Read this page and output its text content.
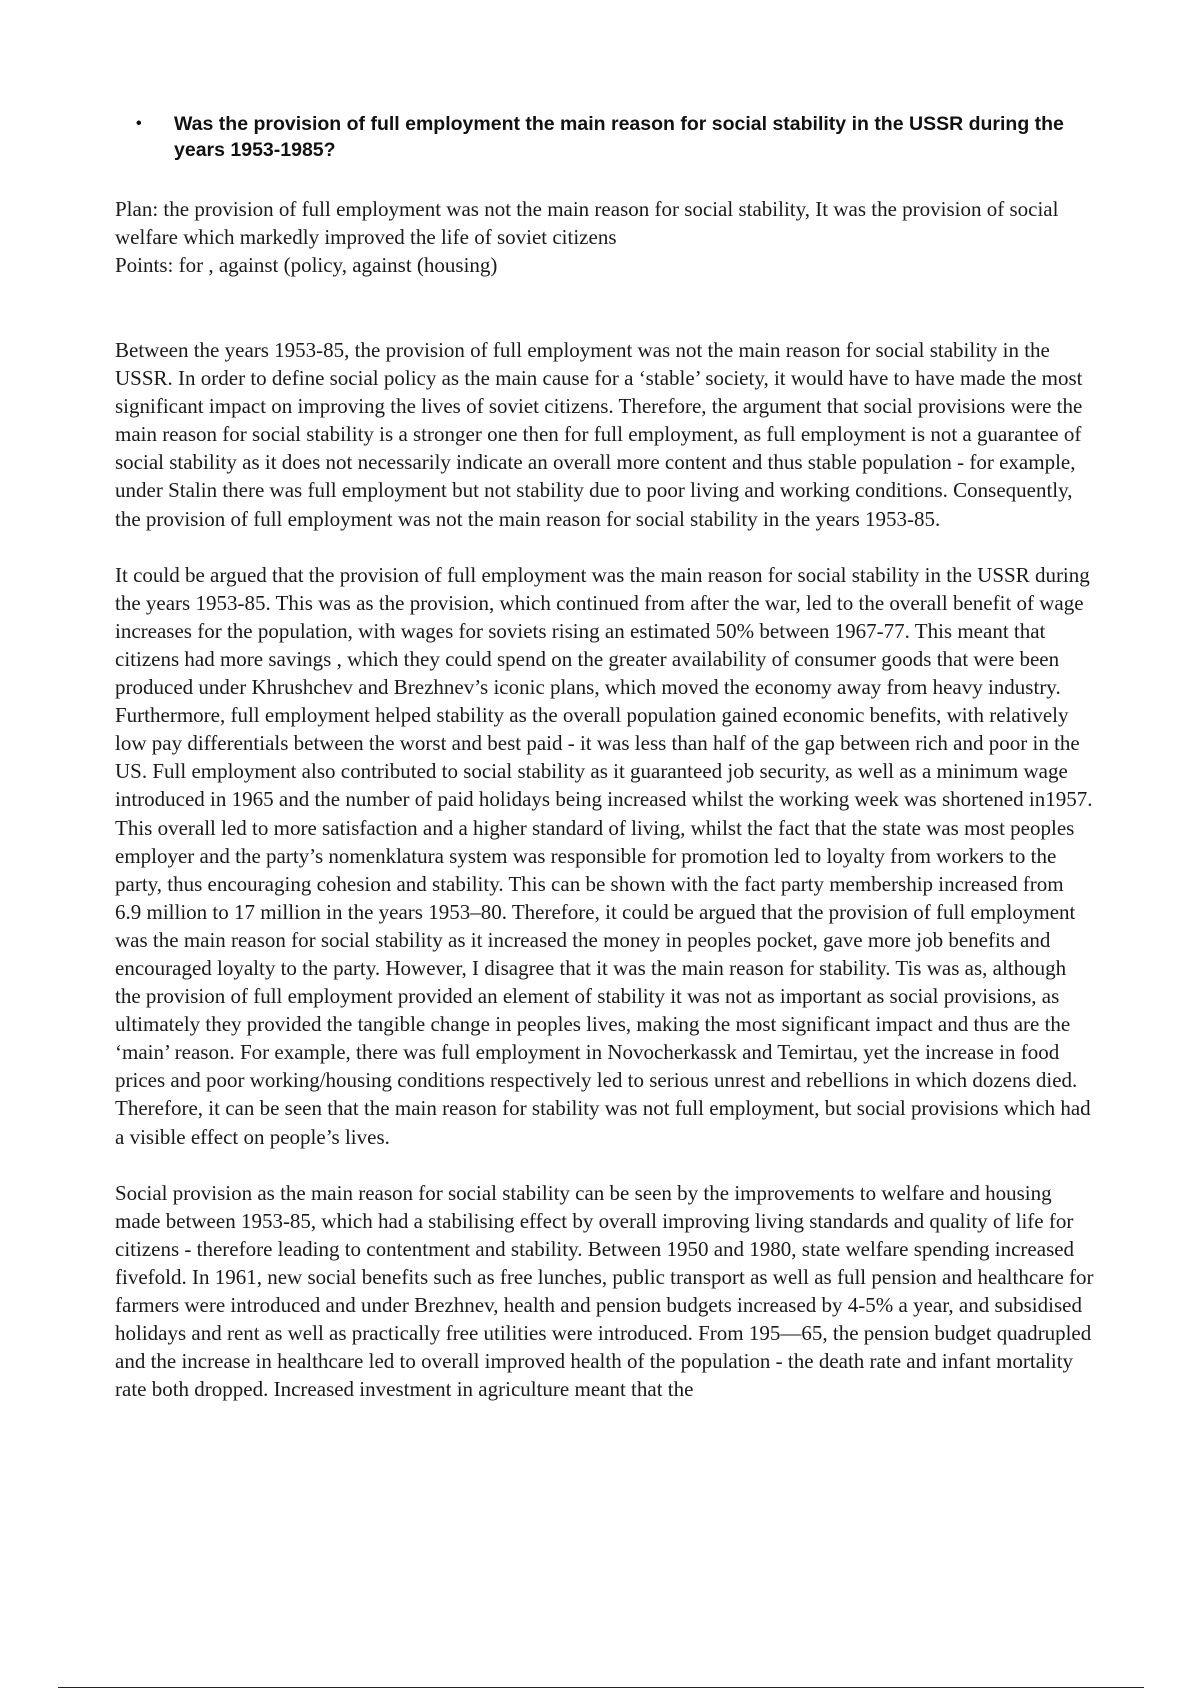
•	Was the provision of full employment the main reason for social stability in the USSR during the years 1953-1985?

Plan: the provision of full employment was not the main reason for social stability, It was the provision of social welfare which markedly improved the life of soviet citizens

Points: for , against (policy, against (housing)

Between the years 1953-85, the provision of full employment was not the main reason for social stability in the USSR. In order to define social policy as the main cause for a ‘stable’ society, it would have to have made the most significant impact on improving the lives of soviet citizens. Therefore, the argument that social provisions were the main reason for social stability is a stronger one then for full employment, as full employment is not a guarantee of social stability as it does not necessarily indicate an overall more content and thus stable population - for example, under Stalin there was full employment but not stability due to poor living and working conditions. Consequently, the provision of full employment was not the main reason for social stability in the years 1953-85.

It could be argued that the provision of full employment was the main reason for social stability in the USSR during the years 1953-85. This was as the provision, which continued from after the war, led to the overall benefit of wage increases for the population, with wages for soviets rising an estimated 50% between 1967-77. This meant that citizens had more savings , which they could spend on the greater availability of consumer goods that were been produced under Khrushchev and Brezhnev’s iconic plans, which moved the economy away from heavy industry. Furthermore, full employment helped stability as the overall population gained economic benefits, with relatively low pay differentials between the worst and best paid - it was less than half of the gap between rich and poor in the US. Full employment also contributed to social stability as it guaranteed job security, as well as a minimum wage introduced in 1965 and the number of paid holidays being increased whilst the working week was shortened in1957. This overall led to more satisfaction and a higher standard of living, whilst the fact that the state was most peoples employer and the party’s nomenklatura system was responsible for promotion led to loyalty from workers to the party, thus encouraging cohesion and stability. This can be shown with the fact party membership increased from 6.9 million to 17 million in the years 1953–80. Therefore, it could be argued that the provision of full employment was the main reason for social stability as it increased the money in peoples pocket, gave more job benefits and encouraged loyalty to the party. However, I disagree that it was the main reason for stability. Tis was as, although the provision of full employment provided an element of stability it was not as important as social provisions, as ultimately they provided the tangible change in peoples lives, making the most significant impact and thus are the ‘main’ reason. For example, there was full employment in Novocherkassk and Temirtau, yet the increase in food prices and poor working/housing conditions respectively led to serious unrest and rebellions in which dozens died. Therefore, it can be seen that the main reason for stability was not full employment, but social provisions which had a visible effect on people’s lives.

Social provision as the main reason for social stability can be seen by the improvements to welfare and housing made between 1953-85, which had a stabilising effect by overall improving living standards and quality of life for citizens - therefore leading to contentment and stability. Between 1950 and 1980, state welfare spending increased fivefold. In 1961, new social benefits such as free lunches, public transport as well as full pension and healthcare for farmers were introduced and under Brezhnev, health and pension budgets increased by 4-5% a year, and subsidised holidays and rent as well as practically free utilities were introduced. From 195—65, the pension budget quadrupled and the increase in healthcare led to overall improved health of the population - the death rate and infant mortality rate both dropped. Increased investment in agriculture meant that the
